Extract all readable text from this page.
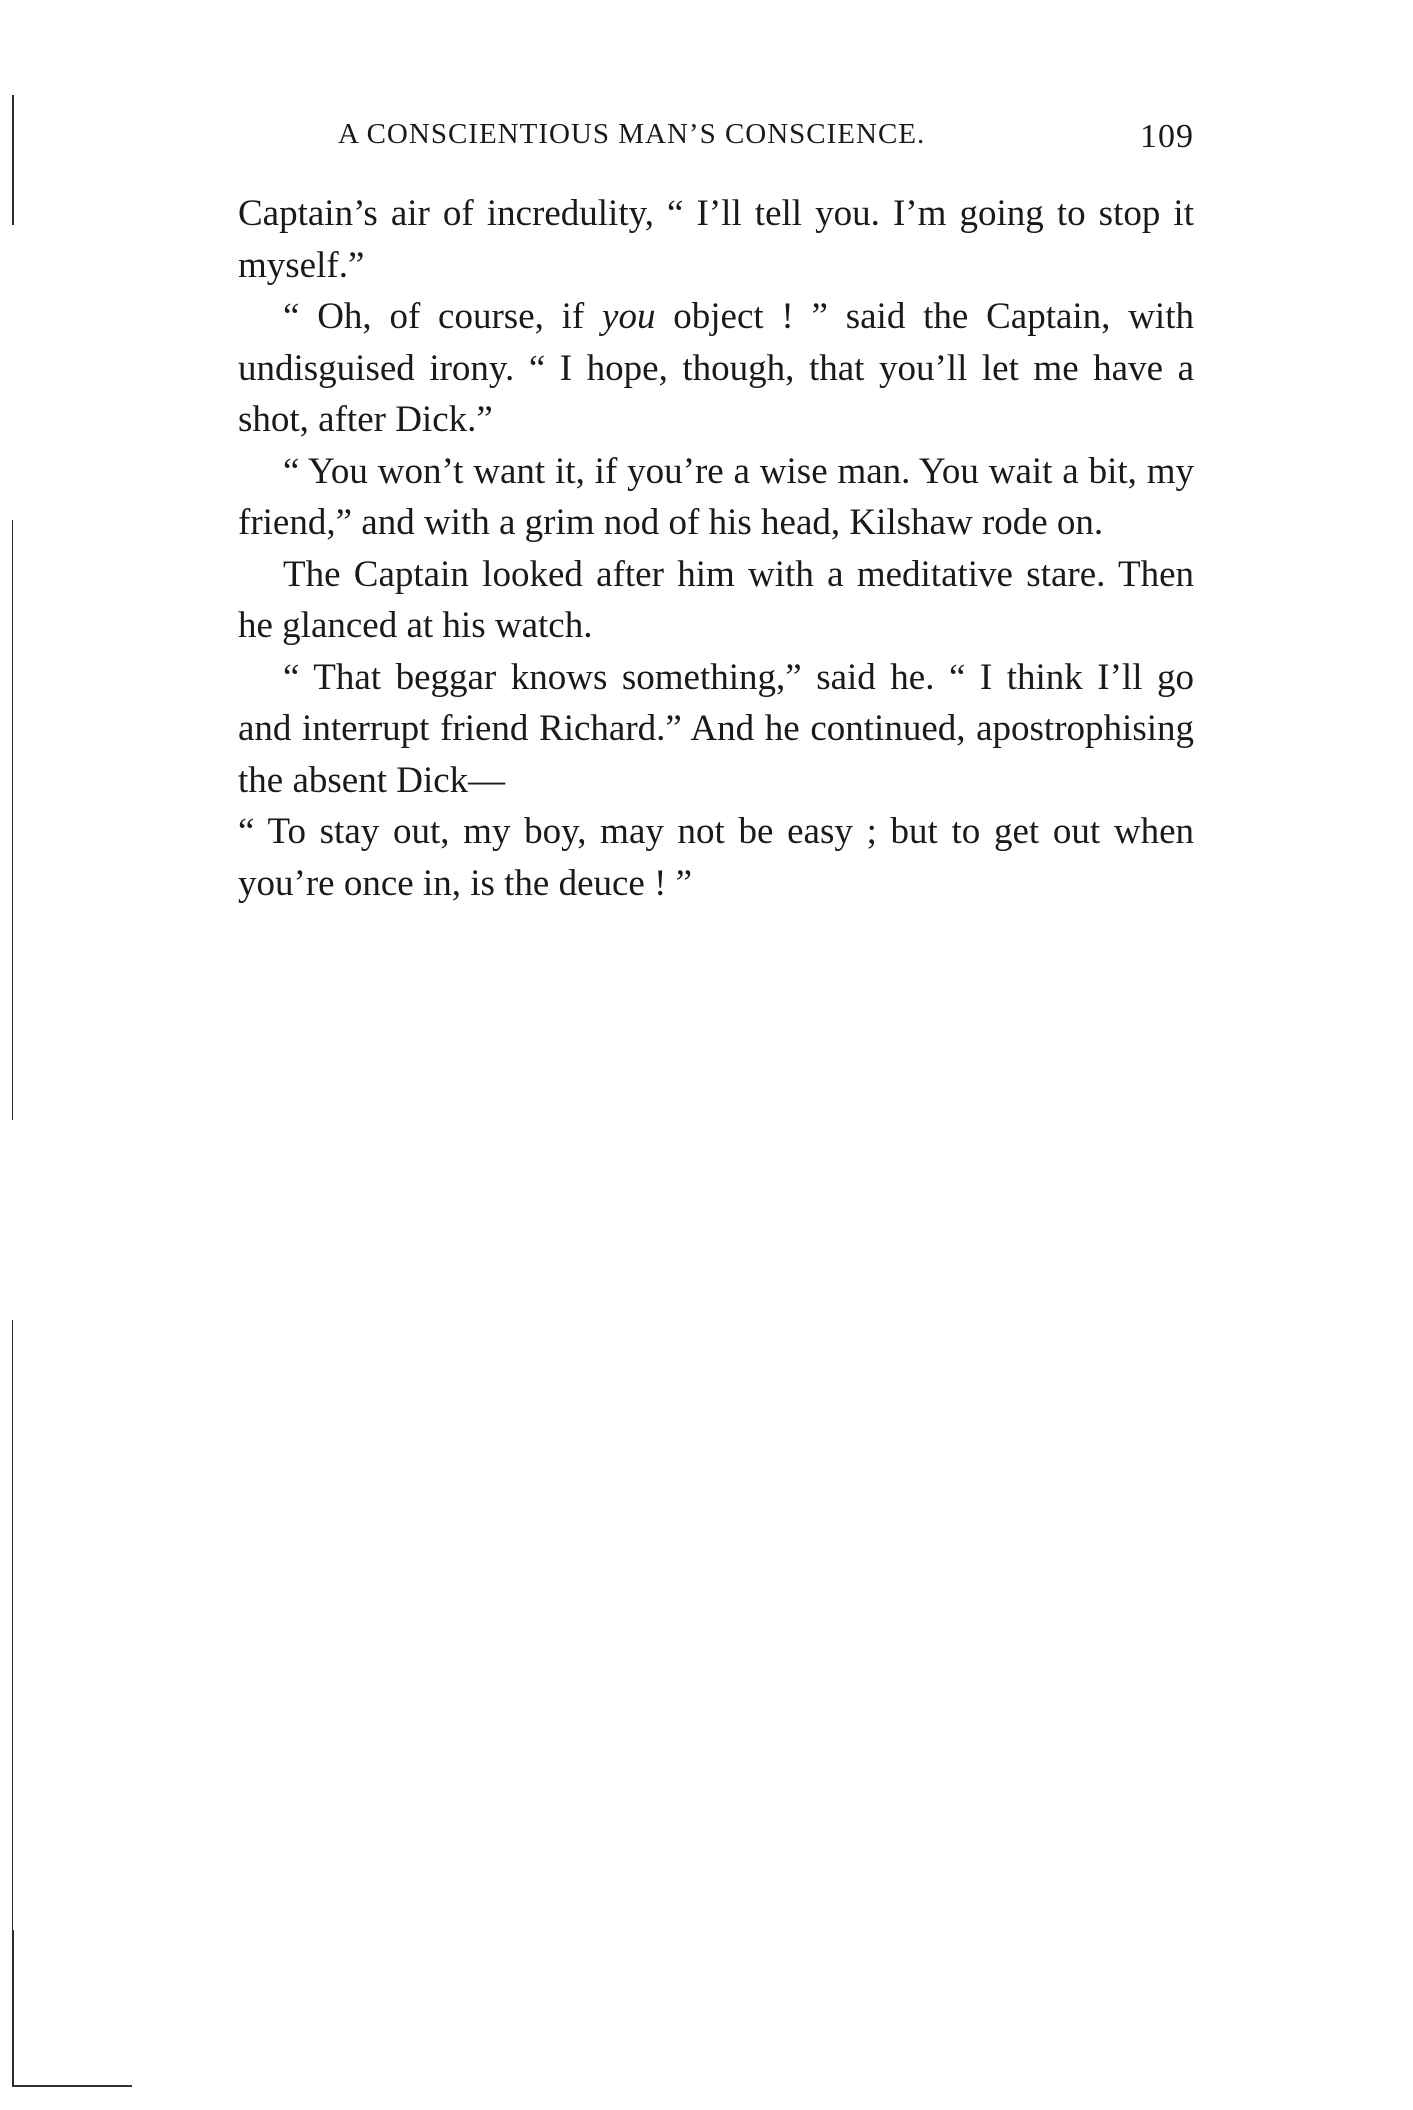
A CONSCIENTIOUS MAN’S CONSCIENCE.	109

Captain’s air of incredulity, “ I’ll tell you. I’m going to stop it myself.”

“ Oh, of course, if you object ! ” said the Captain, with undisguised irony. “ I hope, though, that you’ll let me have a shot, after Dick.”

“ You won’t want it, if you’re a wise man. You wait a bit, my friend,” and with a grim nod of his head, Kilshaw rode on.

The Captain looked after him with a meditative stare. Then he glanced at his watch.

“ That beggar knows something,” said he. “ I think I’ll go and interrupt friend Richard.” And he continued, apostrophising the absent Dick—

“ To stay out, my boy, may not be easy ; but to get out when you’re once in, is the deuce ! ”
